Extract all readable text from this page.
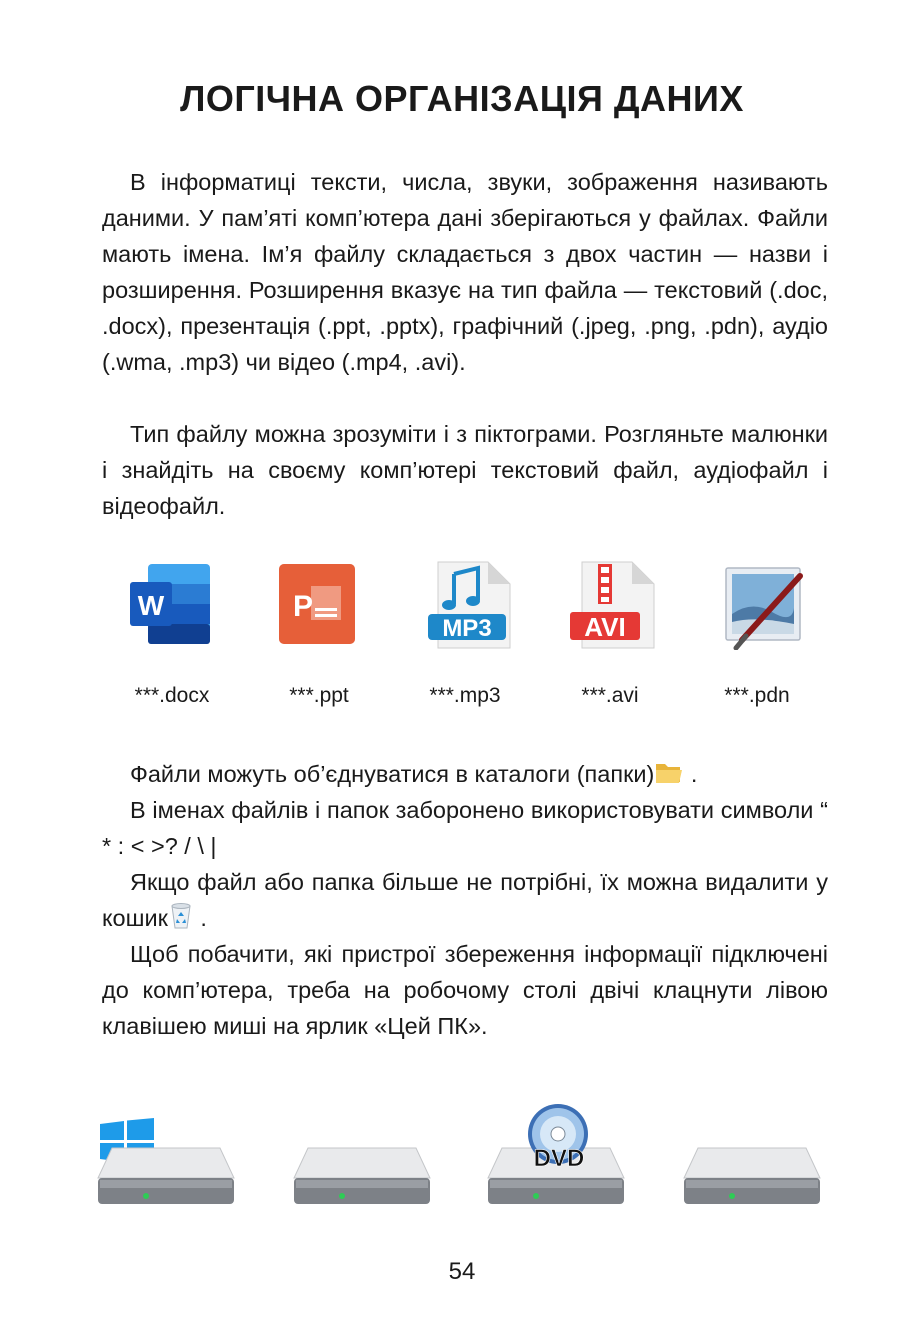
ЛОГІЧНА ОРГАНІЗАЦІЯ ДАНИХ

В інформатиці тексти, числа, звуки, зображення називають даними. У пам’яті комп’ютера дані зберігаються у файлах. Файли мають імена. Ім’я файлу складається з двох частин — назви і розширення. Розширення вказує на тип файла — текстовий (.doc, .docx), презентація (.ppt, .pptx), графічний (.jpeg, .png, .pdn), аудіо (.wma, .mp3) чи відео (.mp4, .avi).

Тип файлу можна зрозуміти і з піктограми. Розгляньте малюнки і знайдіть на своєму комп’ютері текстовий файл, аудіофайл і відеофайл.

W	P
MP3	AVI
***.docx	***.ppt	***.mp3	***.avi	***.pdn

Файли можуть об’єднуватися в каталоги (папки) .

В іменах файлів і папок заборонено використовувати символи “ * : < >? / \ |

Якщо файл або папка більше не потрібні, їх можна видалити у кошик .

Щоб побачити, які пристрої збереження інформації підключені до комп’ютера, треба на робочому столі двічі клацнути лівою клавішею миші на ярлик «Цей ПК».

DVD
54
